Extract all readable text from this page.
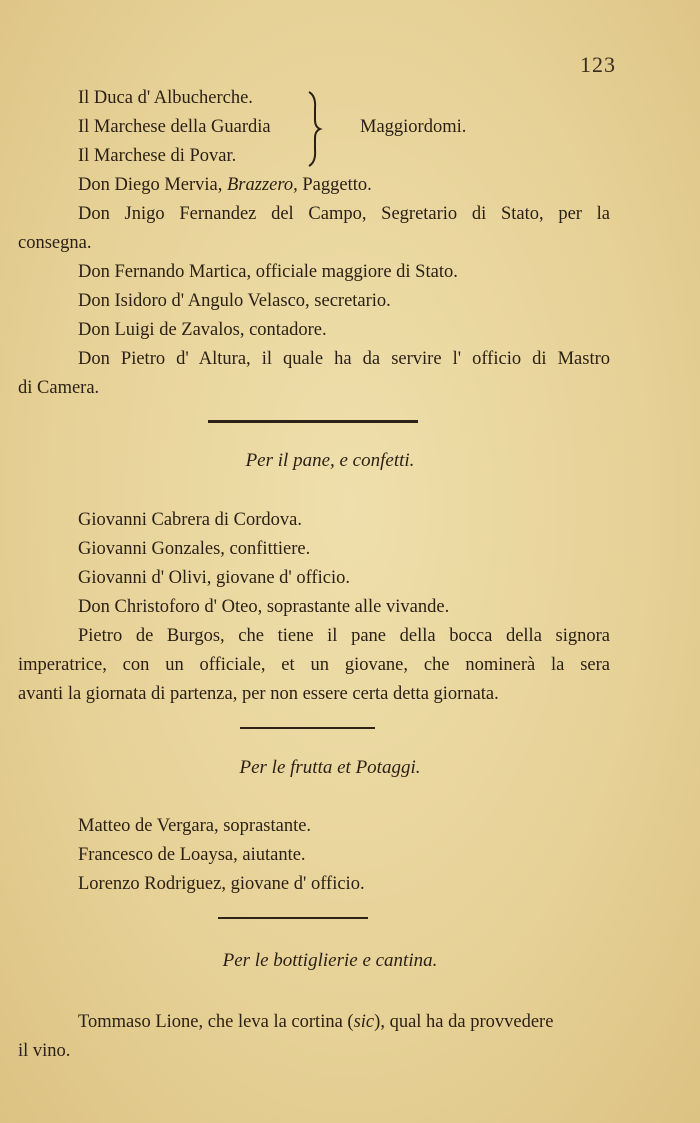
123
Il Duca d' Albucherche.
Il Marchese della Guardia
Il Marchese di Povar.
Maggiordomi.
Don Diego Mervia, Brazzero, Paggetto.
Don Jnigo Fernandez del Campo, Segretario di Stato, per la
consegna.
Don Fernando Martica, officiale maggiore di Stato.
Don Isidoro d' Angulo Velasco, secretario.
Don Luigi de Zavalos, contadore.
Don Pietro d' Altura, il quale ha da servire l' officio di Mastro
di Camera.
Per il pane, e confetti.
Giovanni Cabrera di Cordova.
Giovanni Gonzales, confittiere.
Giovanni d' Olivi, giovane d' officio.
Don Christoforo d' Oteo, soprastante alle vivande.
Pietro de Burgos, che tiene il pane della bocca della signora
imperatrice, con un officiale, et un giovane, che nominerà la sera
avanti la giornata di partenza, per non essere certa detta giornata.
Per le frutta et Potaggi.
Matteo de Vergara, soprastante.
Francesco de Loaysa, aiutante.
Lorenzo Rodriguez, giovane d' officio.
Per le bottiglierie e cantina.
Tommaso Lione, che leva la cortina (sic), qual ha da provvedere
il vino.
